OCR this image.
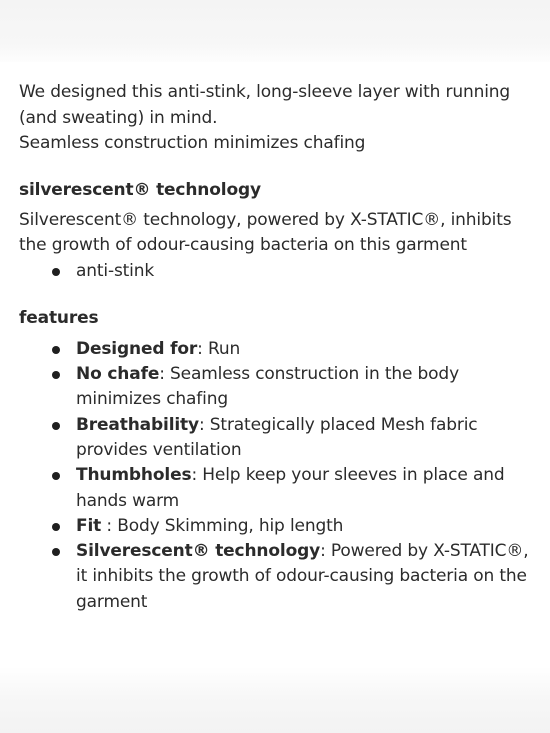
We designed this anti-stink, long-sleeve layer with running (and sweating) in mind.

Seamless construction minimizes chafing

silverescent® technology

Silverescent® technology, powered by X-STATIC®, inhibits the growth of odour-causing bacteria on this garment

anti-stink
features
Designed for: Run
No chafe: Seamless construction in the body minimizes chafing
Breathability: Strategically placed Mesh fabric provides ventilation
Thumbholes: Help keep your sleeves in place and hands warm
Fit : Body Skimming, hip length
Silverescent® technology: Powered by X-STATIC®, it inhibits the growth of odour-causing bacteria on the garment
